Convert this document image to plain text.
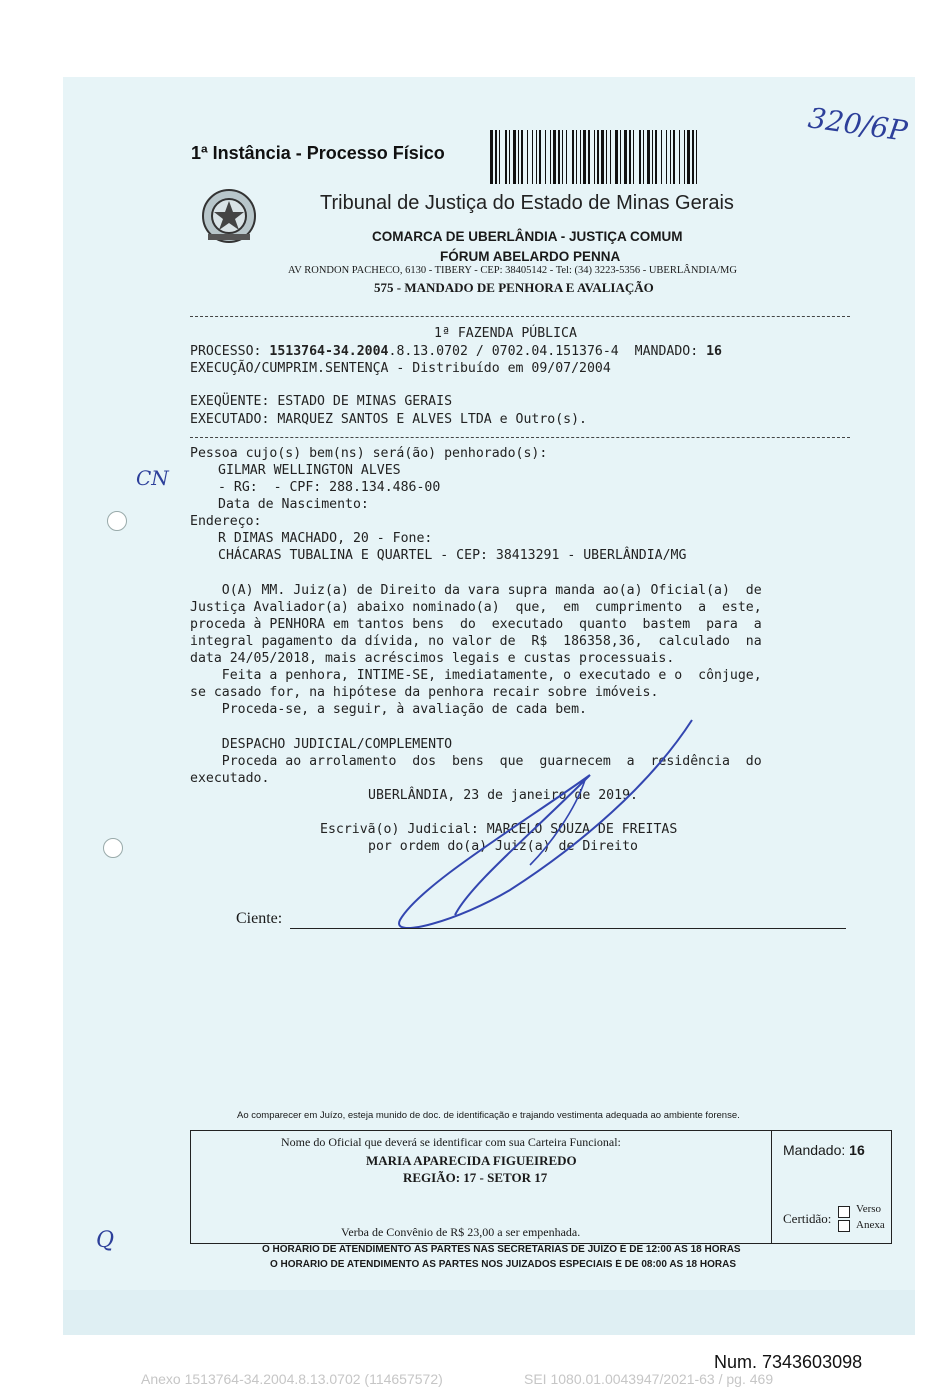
1ª Instância - Processo Físico
320/6P
Tribunal de Justiça do Estado de Minas Gerais
COMARCA DE UBERLÂNDIA - JUSTIÇA COMUM
FÓRUM ABELARDO PENNA
AV RONDON PACHECO, 6130 - TIBERY - CEP: 38405142 - Tel: (34) 3223-5356 - UBERLÂNDIA/MG
575 - MANDADO DE PENHORA E AVALIAÇÃO
1ª FAZENDA PÚBLICA
PROCESSO: 1513764-34.2004.8.13.0702 / 0702.04.151376-4  MANDADO: 16
EXECUÇÃO/CUMPRIM.SENTENÇA - Distribuído em 09/07/2004
EXEQÜENTE: ESTADO DE MINAS GERAIS
EXECUTADO: MARQUEZ SANTOS E ALVES LTDA e Outro(s).
Pessoa cujo(s) bem(ns) será(ão) penhorado(s):
GILMAR WELLINGTON ALVES
- RG:  - CPF: 288.134.486-00
Data de Nascimento:
Endereço:
R DIMAS MACHADO, 20 - Fone:
CHÁCARAS TUBALINA E QUARTEL - CEP: 38413291 - UBERLÂNDIA/MG
CN
O(A) MM. Juiz(a) de Direito da vara supra manda ao(a) Oficial(a)  de
Justiça Avaliador(a) abaixo nominado(a)  que,  em  cumprimento  a  este,
proceda à PENHORA em tantos bens  do  executado  quanto  bastem  para  a
integral pagamento da dívida, no valor de  R$  186358,36,  calculado  na
data 24/05/2018, mais acréscimos legais e custas processuais.
Feita a penhora, INTIME-SE, imediatamente, o executado e o  cônjuge,
se casado for, na hipótese da penhora recair sobre imóveis.
Proceda-se, a seguir, à avaliação de cada bem.
DESPACHO JUDICIAL/COMPLEMENTO
Proceda ao arrolamento  dos  bens  que  guarnecem  a  residência  do
executado.
UBERLÂNDIA, 23 de janeiro de 2019.
Escrivã(o) Judicial: MARCELO SOUZA DE FREITAS
por ordem do(a) Juiz(a) de Direito
Ciente:
Ao comparecer em Juízo, esteja munido de doc. de identificação e trajando vestimenta adequada ao ambiente forense.
Nome do Oficial que deverá se identificar com sua Carteira Funcional:
MARIA APARECIDA FIGUEIREDO
REGIÃO: 17 - SETOR 17
Verba de Convênio de R$ 23,00 a ser empenhada.
Mandado: 16
Certidão:
Verso
Anexa
O HORÁRIO DE ATENDIMENTO ÀS PARTES NAS SECRETARIAS DE JUÍZO É DE 12:00 AS 18 HORAS
O HORÁRIO DE ATENDIMENTO ÀS PARTES NOS JUIZADOS ESPECIAIS É DE 08:00 AS 18 HORAS
Q
Num. 7343603098
Anexo 1513764-34.2004.8.13.0702 (114657572)	SEI 1080.01.0043947/2021-63 / pg. 469
